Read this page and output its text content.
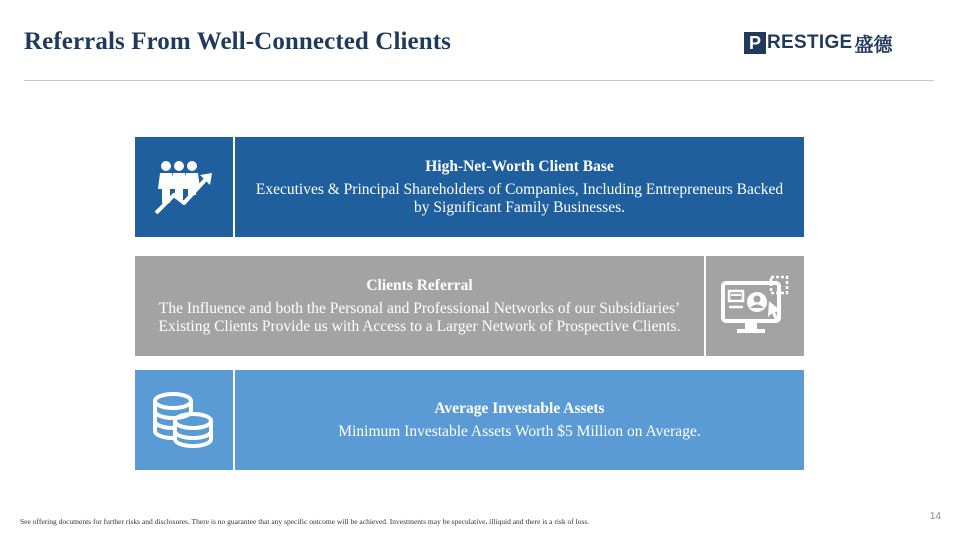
Referrals From Well-Connected Clients	P RESTIGE 盛德
High-Net-Worth Client Base
Executives & Principal Shareholders of Companies, Including Entrepreneurs Backed by Significant Family Businesses.
Clients Referral
The Influence and both the Personal and Professional Networks of our Subsidiaries’ Existing Clients Provide us with Access to a Larger Network of Prospective Clients.
Average Investable Assets
Minimum Investable Assets Worth $5 Million on Average.
See offering documents for further risks and disclosures. There is no guarantee that any specific outcome will be achieved. Investments may be speculative, illiquid and there is a risk of loss.	14
